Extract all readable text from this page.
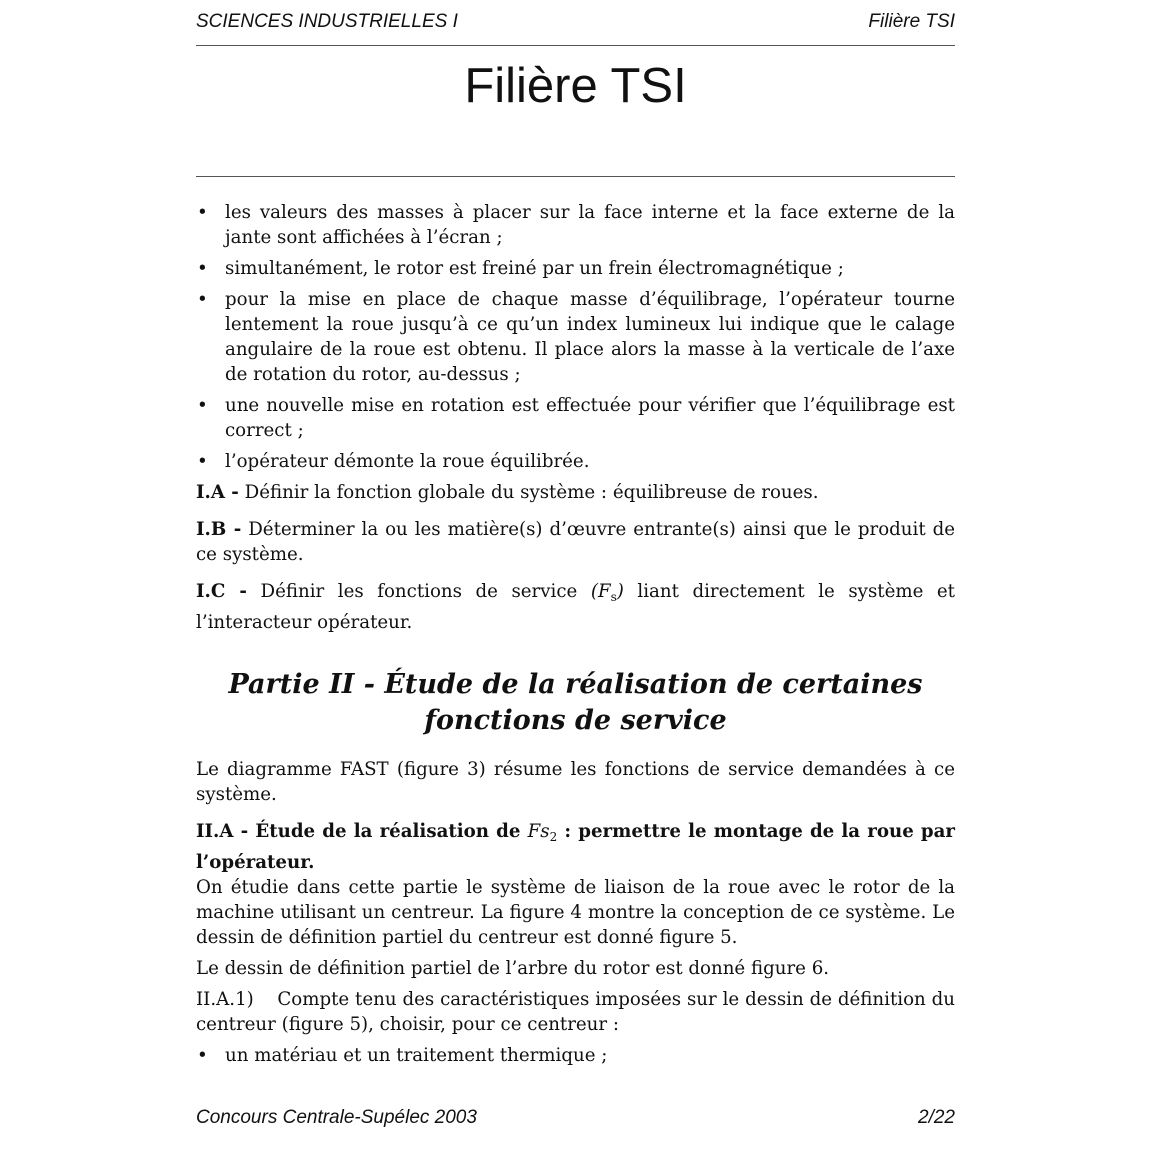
SCIENCES INDUSTRIELLES I	Filière TSI
Filière TSI
• les valeurs des masses à placer sur la face interne et la face externe de la jante sont affichées à l’écran ;
• simultanément, le rotor est freiné par un frein électromagnétique ;
• pour la mise en place de chaque masse d’équilibrage, l’opérateur tourne lentement la roue jusqu’à ce qu’un index lumineux lui indique que le calage angulaire de la roue est obtenu. Il place alors la masse à la verticale de l’axe de rotation du rotor, au-dessus ;
• une nouvelle mise en rotation est effectuée pour vérifier que l’équilibrage est correct ;
• l’opérateur démonte la roue équilibrée.

I.A - Définir la fonction globale du système : équilibreuse de roues.

I.B - Déterminer la ou les matière(s) d’œuvre entrante(s) ainsi que le produit de ce système.

I.C - Définir les fonctions de service $(F_s)$ liant directement le système et l’interacteur opérateur.

Partie II - Étude de la réalisation de certaines fonctions de service

Le diagramme FAST (figure 3) résume les fonctions de service demandées à ce système.

II.A - Étude de la réalisation de $Fs_2$ : permettre le montage de la roue par l’opérateur.
On étudie dans cette partie le système de liaison de la roue avec le rotor de la machine utilisant un centreur. La figure 4 montre la conception de ce système. Le dessin de définition partiel du centreur est donné figure 5.

Le dessin de définition partiel de l’arbre du rotor est donné figure 6.

II.A.1) Compte tenu des caractéristiques imposées sur le dessin de définition du centreur (figure 5), choisir, pour ce centreur :

• un matériau et un traitement thermique ;
Concours Centrale-Supélec 2003	2/22
